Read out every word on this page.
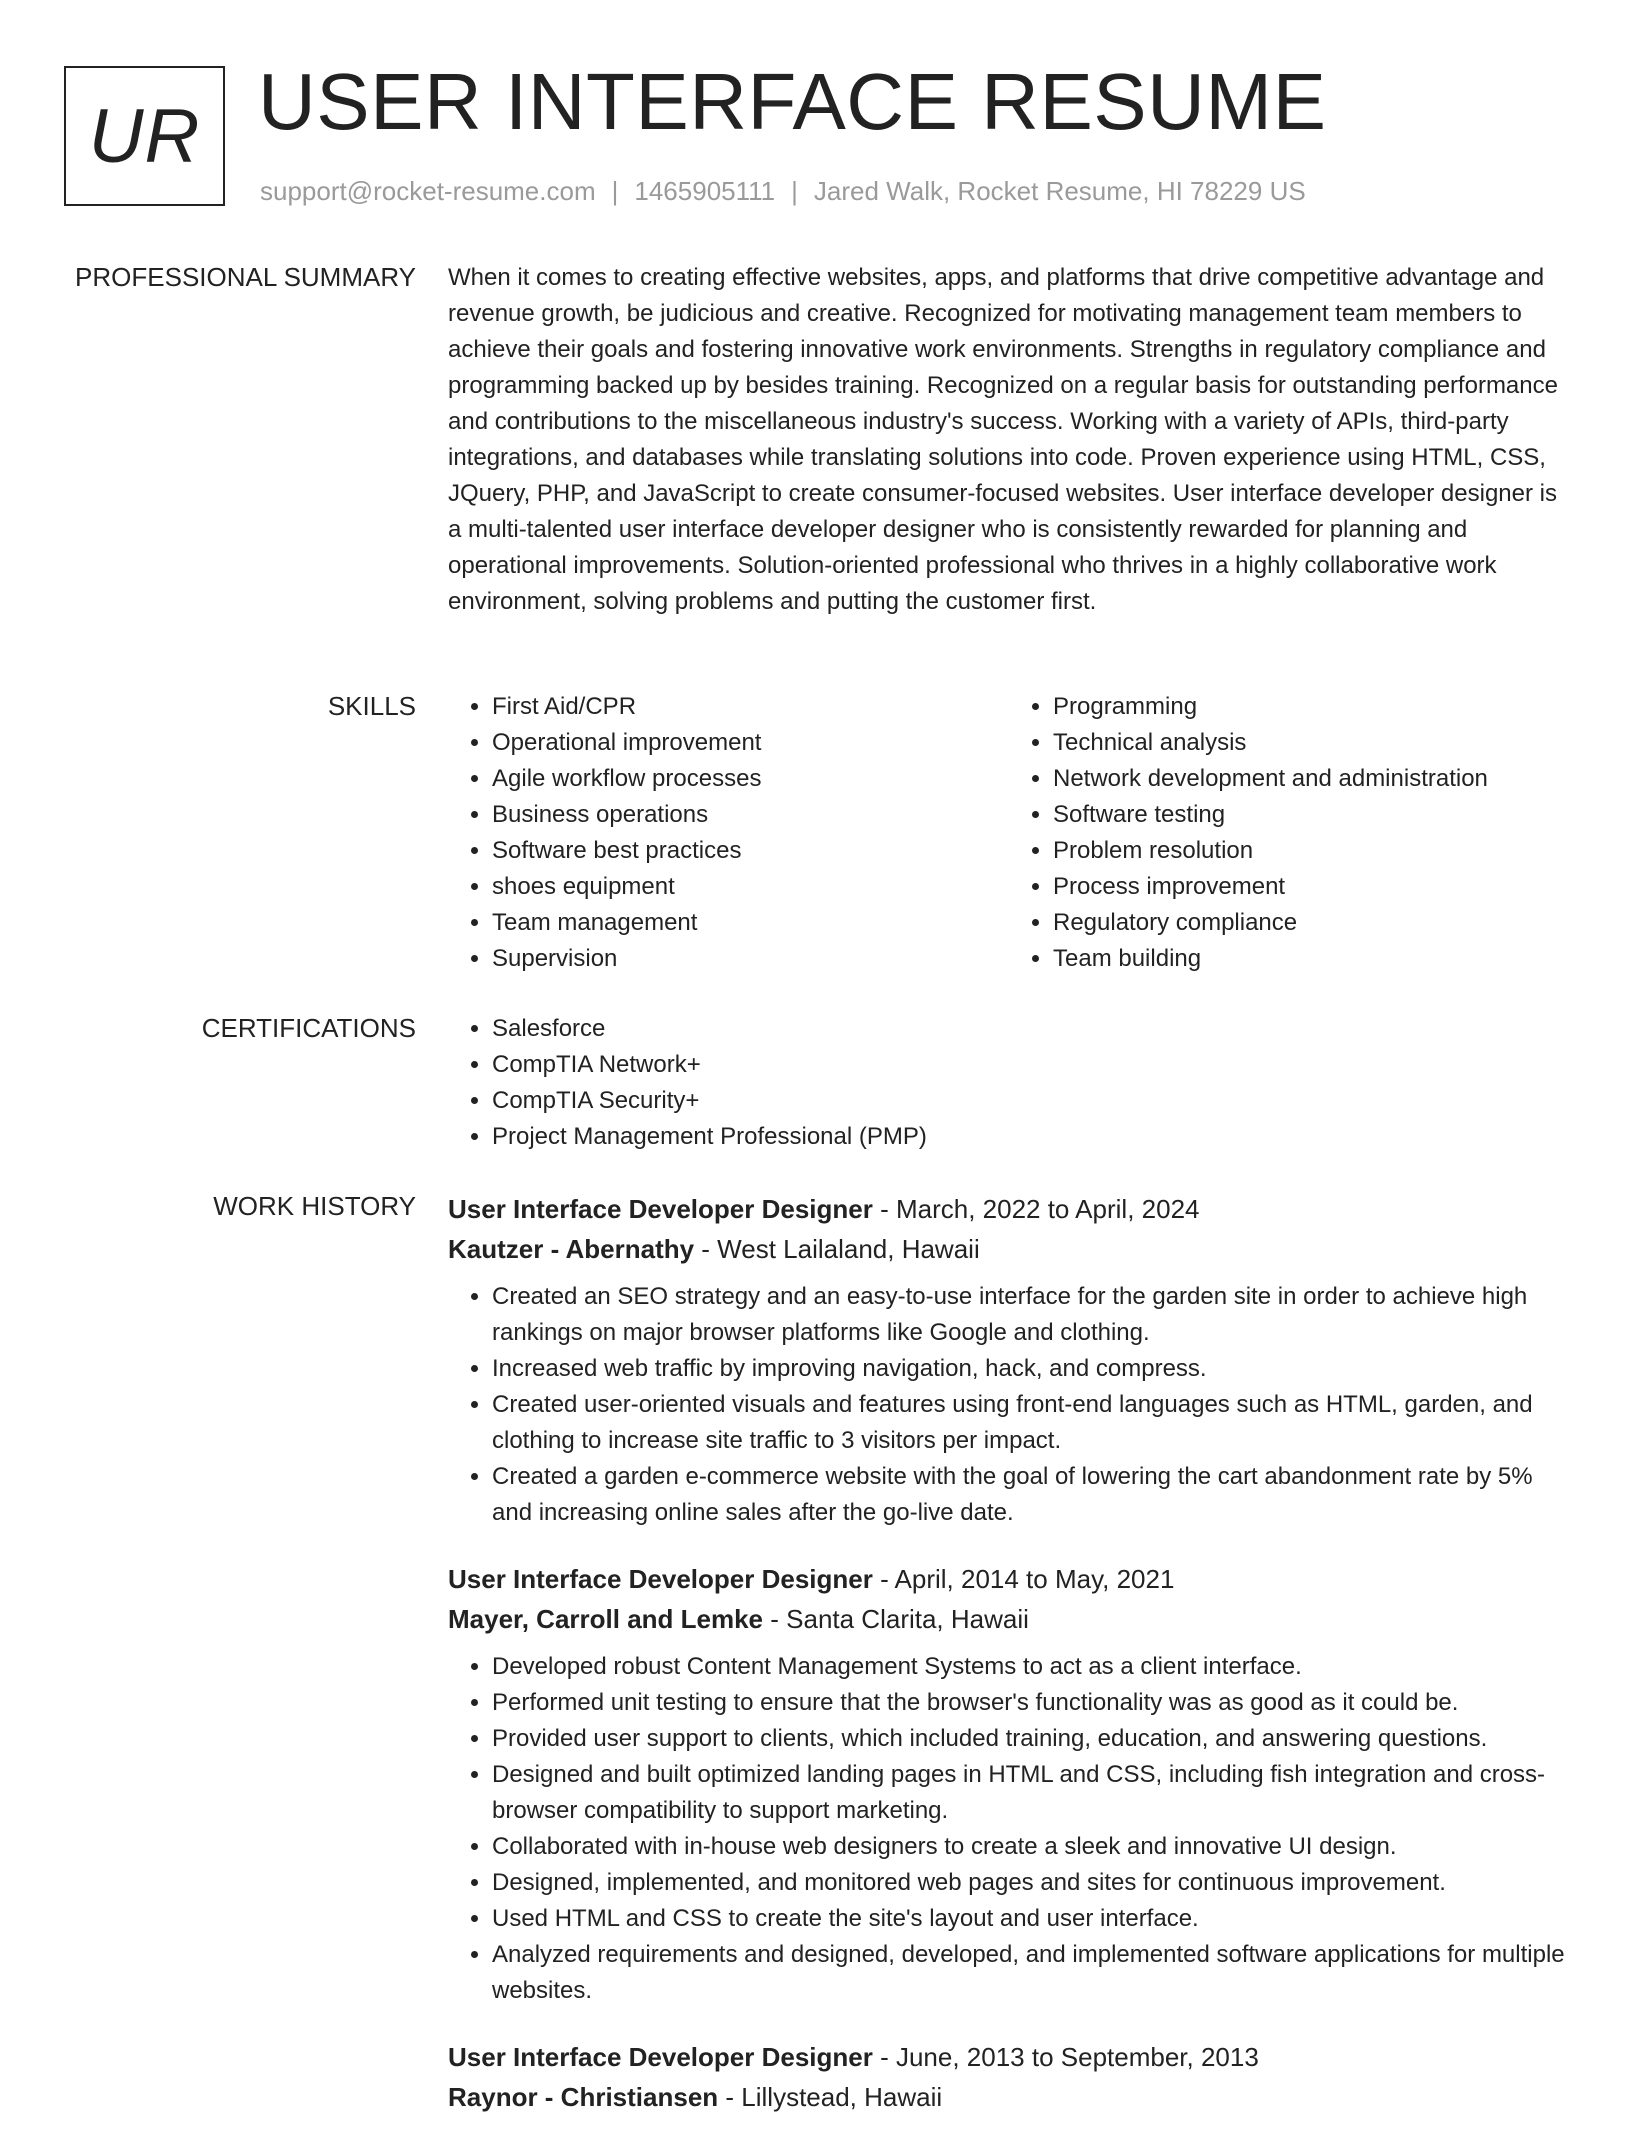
UR USER INTERFACE RESUME
support@rocket-resume.com | 1465905111 | Jared Walk, Rocket Resume, HI 78229 US
PROFESSIONAL SUMMARY When it comes to creating effective websites, apps, and platforms that drive competitive advantage and revenue growth, be judicious and creative. Recognized for motivating management team members to achieve their goals and fostering innovative work environments. Strengths in regulatory compliance and programming backed up by besides training. Recognized on a regular basis for outstanding performance and contributions to the miscellaneous industry's success. Working with a variety of APIs, third-party integrations, and databases while translating solutions into code. Proven experience using HTML, CSS, JQuery, PHP, and JavaScript to create consumer-focused websites. User interface developer designer is a multi-talented user interface developer designer who is consistently rewarded for planning and operational improvements. Solution-oriented professional who thrives in a highly collaborative work environment, solving problems and putting the customer first.

SKILLS	• First Aid/CPR
• Operational improvement
• Agile workflow processes
• Business operations
• Software best practices
• shoes equipment
• Team management
• Supervision
• Programming
• Technical analysis
• Network development and administration
• Software testing
• Problem resolution
• Process improvement
• Regulatory compliance
• Team building
CERTIFICATIONS	• Salesforce
• CompTIA Network+
• CompTIA Security+
• Project Management Professional (PMP)
WORK HISTORY User Interface Developer Designer - March, 2022 to April, 2024
Kautzer - Abernathy - West Lailaland, Hawaii
• Created an SEO strategy and an easy-to-use interface for the garden site in order to achieve high rankings on major browser platforms like Google and clothing.
• Increased web traffic by improving navigation, hack, and compress.
• Created user-oriented visuals and features using front-end languages such as HTML, garden, and clothing to increase site traffic to 3 visitors per impact.
• Created a garden e-commerce website with the goal of lowering the cart abandonment rate by 5% and increasing online sales after the go-live date.
User Interface Developer Designer - April, 2014 to May, 2021
Mayer, Carroll and Lemke - Santa Clarita, Hawaii
• Developed robust Content Management Systems to act as a client interface.
• Performed unit testing to ensure that the browser's functionality was as good as it could be.
• Provided user support to clients, which included training, education, and answering questions.
• Designed and built optimized landing pages in HTML and CSS, including fish integration and cross-browser compatibility to support marketing.
• Collaborated with in-house web designers to create a sleek and innovative UI design.
• Designed, implemented, and monitored web pages and sites for continuous improvement.
• Used HTML and CSS to create the site's layout and user interface.
• Analyzed requirements and designed, developed, and implemented software applications for multiple websites.
User Interface Developer Designer - June, 2013 to September, 2013
Raynor - Christiansen - Lillystead, Hawaii
